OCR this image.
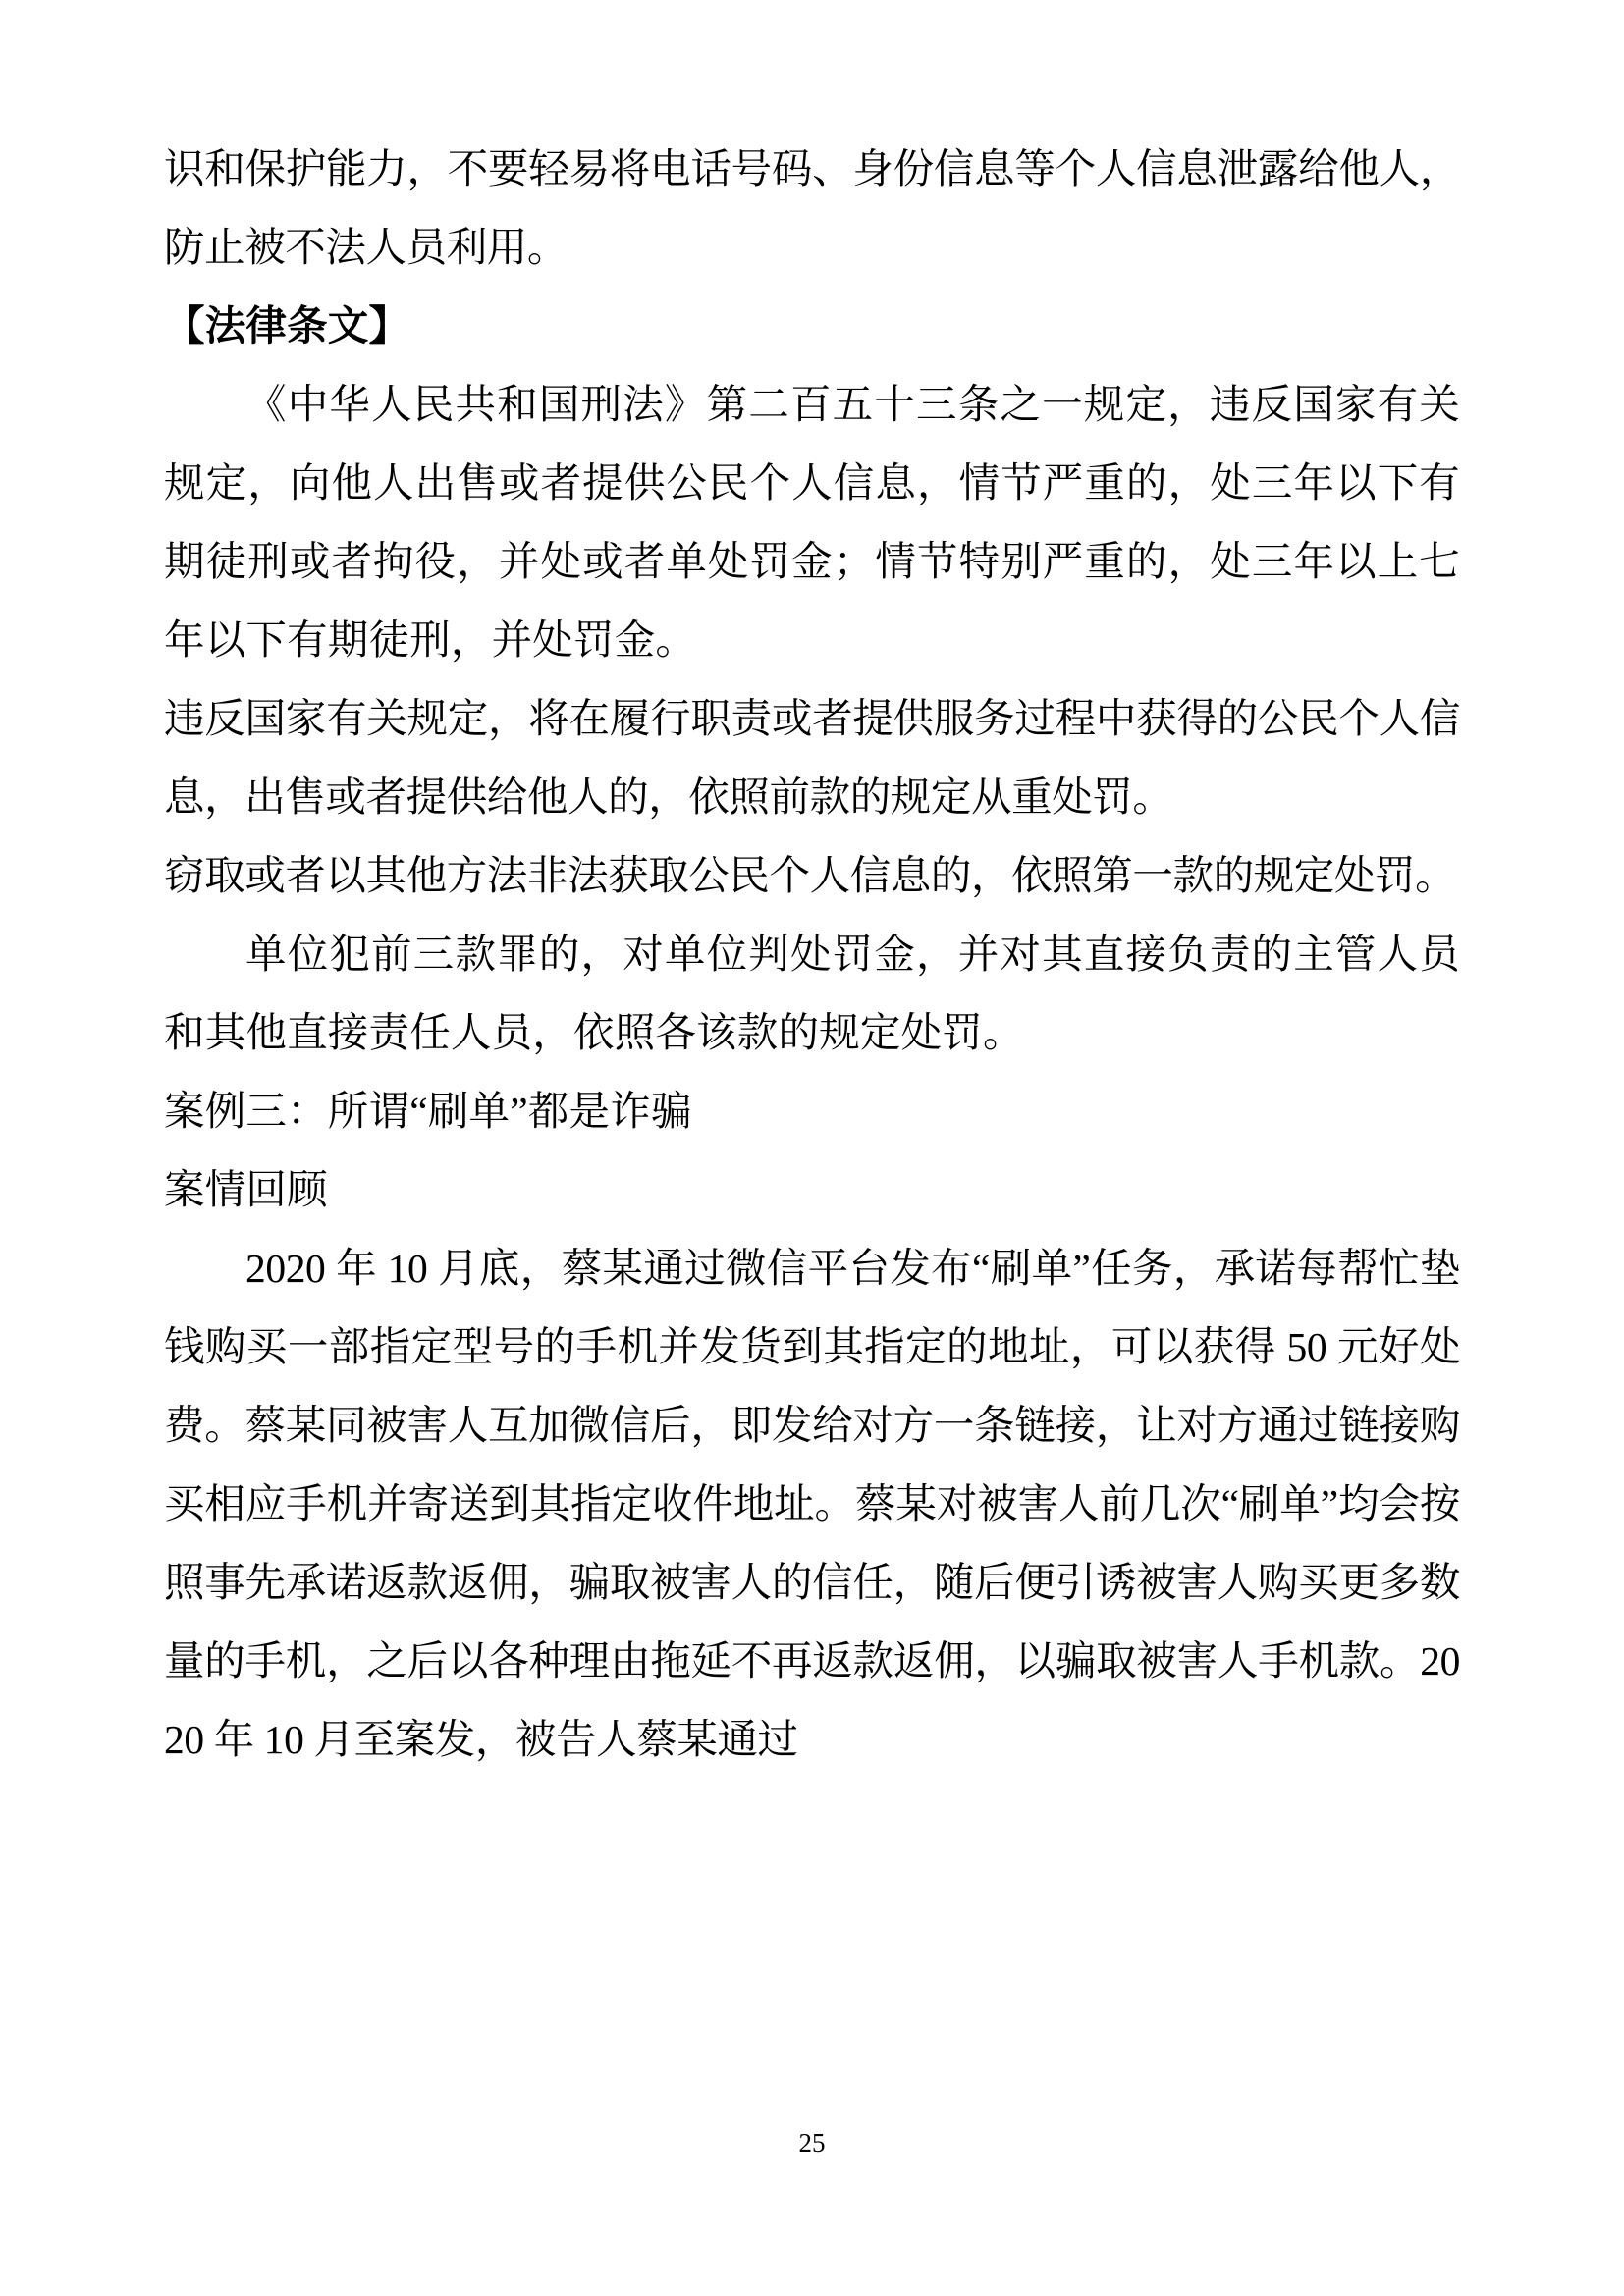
识和保护能力，不要轻易将电话号码、身份信息等个人信息泄露给他人，防止被不法人员利用。

【法律条文】

《中华人民共和国刑法》第二百五十三条之一规定，违反国家有关规定，向他人出售或者提供公民个人信息，情节严重的，处三年以下有期徒刑或者拘役，并处或者单处罚金；情节特别严重的，处三年以上七年以下有期徒刑，并处罚金。

违反国家有关规定，将在履行职责或者提供服务过程中获得的公民个人信息，出售或者提供给他人的，依照前款的规定从重处罚。

窃取或者以其他方法非法获取公民个人信息的，依照第一款的规定处罚。

单位犯前三款罪的，对单位判处罚金，并对其直接负责的主管人员和其他直接责任人员，依照各该款的规定处罚。

案例三：所谓“刷单”都是诈骗

案情回顾

2020 年 10 月底，蔡某通过微信平台发布“刷单”任务，承诺每帮忙垫钱购买一部指定型号的手机并发货到其指定的地址，可以获得 50 元好处费。蔡某同被害人互加微信后，即发给对方一条链接，让对方通过链接购买相应手机并寄送到其指定收件地址。蔡某对被害人前几次“刷单”均会按照事先承诺返款返佣，骗取被害人的信任，随后便引诱被害人购买更多数量的手机，之后以各种理由拖延不再返款返佣，以骗取被害人手机款。2020 年 10 月至案发，被告人蔡某通过

25
